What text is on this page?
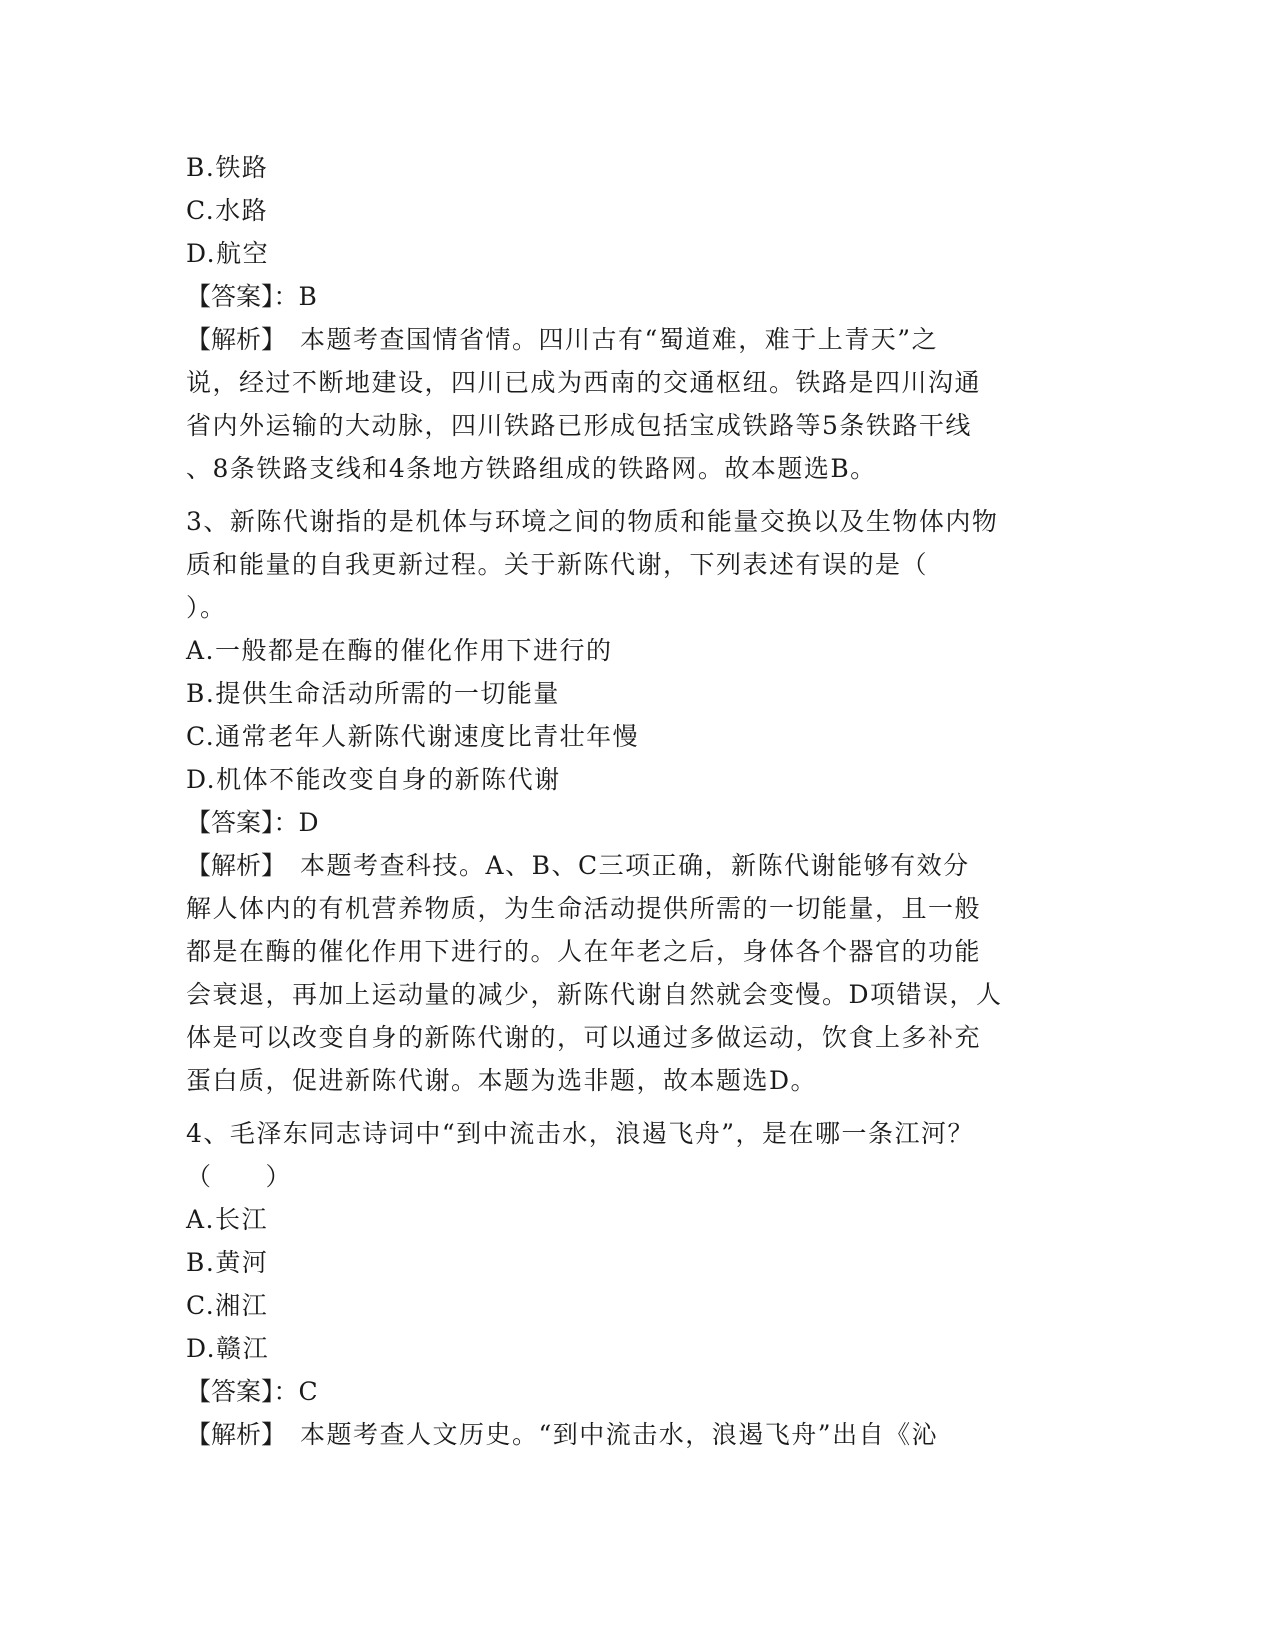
B.铁路
C.水路
D.航空
【答案】：B
【解析】　本题考查国情省情。四川古有“蜀道难，难于上青天”之
说，经过不断地建设，四川已成为西南的交通枢纽。铁路是四川沟通
省内外运输的大动脉，四川铁路已形成包括宝成铁路等5条铁路干线
、8条铁路支线和4条地方铁路组成的铁路网。故本题选B。
3、新陈代谢指的是机体与环境之间的物质和能量交换以及生物体内物
质和能量的自我更新过程。关于新陈代谢，下列表述有误的是（
）。
A.一般都是在酶的催化作用下进行的
B.提供生命活动所需的一切能量
C.通常老年人新陈代谢速度比青壮年慢
D.机体不能改变自身的新陈代谢
【答案】：D
【解析】　本题考查科技。A、B、C三项正确，新陈代谢能够有效分
解人体内的有机营养物质，为生命活动提供所需的一切能量，且一般
都是在酶的催化作用下进行的。人在年老之后，身体各个器官的功能
会衰退，再加上运动量的减少，新陈代谢自然就会变慢。D项错误，人
体是可以改变自身的新陈代谢的，可以通过多做运动，饮食上多补充
蛋白质，促进新陈代谢。本题为选非题，故本题选D。
4、毛泽东同志诗词中“到中流击水，浪遏飞舟”，是在哪一条江河？
（　　）
A.长江
B.黄河
C.湘江
D.赣江
【答案】：C
【解析】　本题考查人文历史。“到中流击水，浪遏飞舟”出自《沁
